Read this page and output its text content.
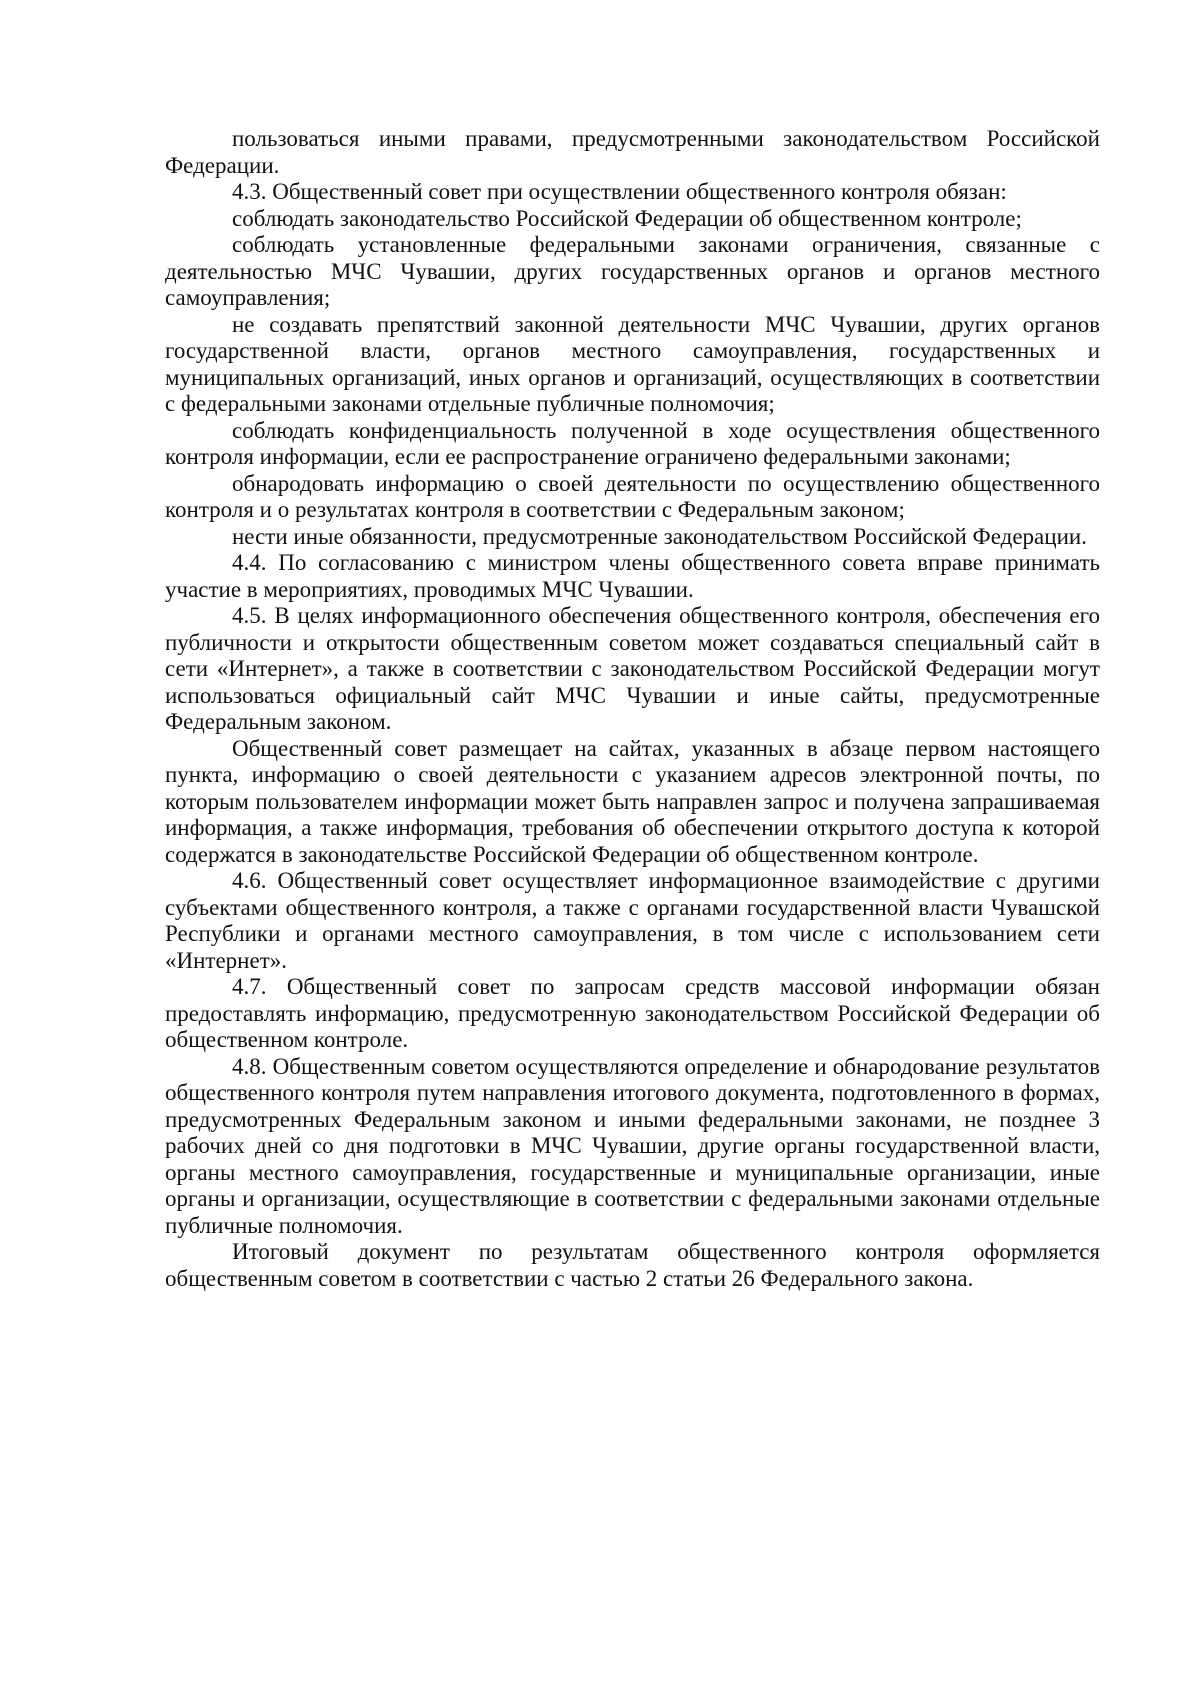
пользоваться иными правами, предусмотренными законодательством Российской Федерации.

4.3. Общественный совет при осуществлении общественного контроля обязан:

соблюдать законодательство Российской Федерации об общественном контроле;

соблюдать установленные федеральными законами ограничения, связанные с деятельностью МЧС Чувашии, других государственных органов и органов местного самоуправления;

не создавать препятствий законной деятельности МЧС Чувашии, других органов государственной власти, органов местного самоуправления, государственных и муниципальных организаций, иных органов и организаций, осуществляющих в соответствии с федеральными законами отдельные публичные полномочия;

соблюдать конфиденциальность полученной в ходе осуществления общественного контроля информации, если ее распространение ограничено федеральными законами;

обнародовать информацию о своей деятельности по осуществлению общественного контроля и о результатах контроля в соответствии с Федеральным законом;

нести иные обязанности, предусмотренные законодательством Российской Федерации.

4.4. По согласованию с министром члены общественного совета вправе принимать участие в мероприятиях, проводимых МЧС Чувашии.

4.5. В целях информационного обеспечения общественного контроля, обеспечения его публичности и открытости общественным советом может создаваться специальный сайт в сети «Интернет», а также в соответствии с законодательством Российской Федерации могут использоваться официальный сайт МЧС Чувашии и иные сайты, предусмотренные Федеральным законом.

Общественный совет размещает на сайтах, указанных в абзаце первом настоящего пункта, информацию о своей деятельности с указанием адресов электронной почты, по которым пользователем информации может быть направлен запрос и получена запрашиваемая информация, а также информация, требования об обеспечении открытого доступа к которой содержатся в законодательстве Российской Федерации об общественном контроле.

4.6. Общественный совет осуществляет информационное взаимодействие с другими субъектами общественного контроля, а также с органами государственной власти Чувашской Республики и органами местного самоуправления, в том числе с использованием сети «Интернет».

4.7. Общественный совет по запросам средств массовой информации обязан предоставлять информацию, предусмотренную законодательством Российской Федерации об общественном контроле.

4.8. Общественным советом осуществляются определение и обнародование результатов общественного контроля путем направления итогового документа, подготовленного в формах, предусмотренных Федеральным законом и иными федеральными законами, не позднее 3 рабочих дней со дня подготовки в МЧС Чувашии, другие органы государственной власти, органы местного самоуправления, государственные и муниципальные организации, иные органы и организации, осуществляющие в соответствии с федеральными законами отдельные публичные полномочия.

Итоговый документ по результатам общественного контроля оформляется общественным советом в соответствии с частью 2 статьи 26 Федерального закона.
